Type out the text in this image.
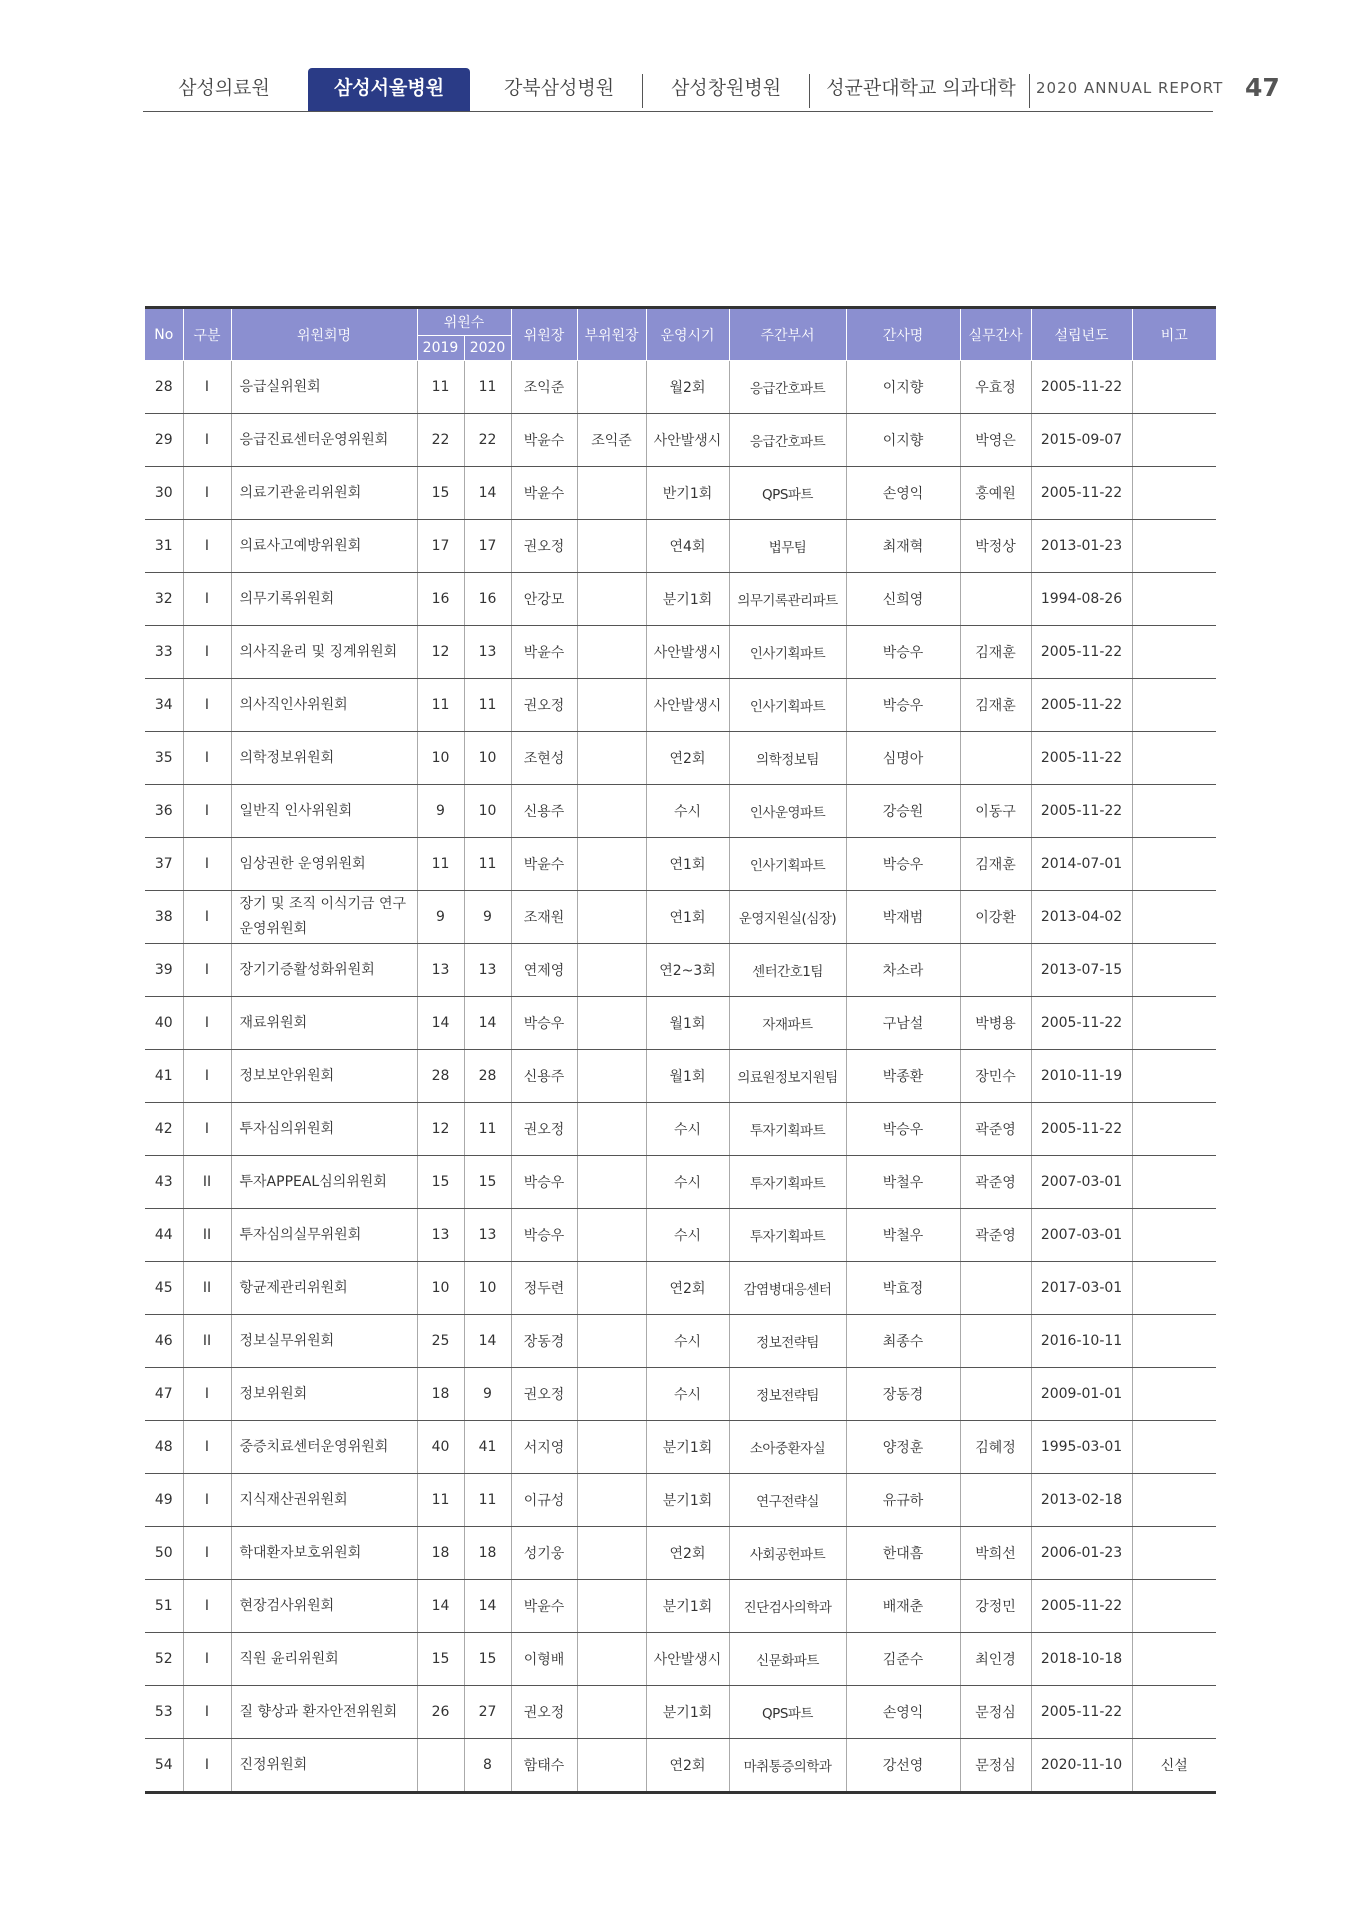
삼성의료원	삼성서울병원	강북삼성병원	삼성창원병원	성균관대학교 의과대학	2020 ANNUAL REPORT 47
No	구분	위원회명	위원수		위원장	부위원장	운영시기	주간부서	간사명	실무간사	설립년도	비고
			2019	2020								
28	I	응급실위원회	11	11	조익준		월2회	응급간호파트	이지향	우효정	2005-11-22	
29	I	응급진료센터운영위원회	22	22	박윤수	조익준	사안발생시	응급간호파트	이지향	박영은	2015-09-07	
30	I	의료기관윤리위원회	15	14	박윤수		반기1회	QPS파트	손영익	홍예원	2005-11-22	
31	I	의료사고예방위원회	17	17	권오정		연4회	법무팀	최재혁	박정상	2013-01-23	
32	I	의무기록위원회	16	16	안강모		분기1회	의무기록관리파트	신희영		1994-08-26	
33	I	의사직윤리 및 징계위원회	12	13	박윤수		사안발생시	인사기획파트	박승우	김재훈	2005-11-22	
34	I	의사직인사위원회	11	11	권오정		사안발생시	인사기획파트	박승우	김재훈	2005-11-22	
35	I	의학정보위원회	10	10	조현성		연2회	의학정보팀	심명아		2005-11-22	
36	I	일반직 인사위원회	9	10	신용주		수시	인사운영파트	강승원	이동구	2005-11-22	
37	I	임상권한 운영위원회	11	11	박윤수		연1회	인사기획파트	박승우	김재훈	2014-07-01	
38	I	장기 및 조직 이식기금 연구 운영위원회	9	9	조재원		연1회	운영지원실(심장)	박재범	이강환	2013-04-02	
39	I	장기기증활성화위원회	13	13	연제영		연2~3회	센터간호1팀	차소라		2013-07-15	
40	I	재료위원회	14	14	박승우		월1회	자재파트	구남설	박병용	2005-11-22	
41	I	정보보안위원회	28	28	신용주		월1회	의료원정보지원팀	박종환	장민수	2010-11-19	
42	I	투자심의위원회	12	11	권오정		수시	투자기획파트	박승우	곽준영	2005-11-22	
43	II	투자APPEAL심의위원회	15	15	박승우		수시	투자기획파트	박철우	곽준영	2007-03-01	
44	II	투자심의실무위원회	13	13	박승우		수시	투자기획파트	박철우	곽준영	2007-03-01	
45	II	항균제관리위원회	10	10	정두련		연2회	감염병대응센터	박효정		2017-03-01	
46	II	정보실무위원회	25	14	장동경		수시	정보전략팀	최종수		2016-10-11	
47	I	정보위원회	18	9	권오정		수시	정보전략팀	장동경		2009-01-01	
48	I	중증치료센터운영위원회	40	41	서지영		분기1회	소아중환자실	양정훈	김혜정	1995-03-01	
49	I	지식재산권위원회	11	11	이규성		분기1회	연구전략실	유규하		2013-02-18	
50	I	학대환자보호위원회	18	18	성기웅		연2회	사회공헌파트	한대흠	박희선	2006-01-23	
51	I	현장검사위원회	14	14	박윤수		분기1회	진단검사의학과	배재춘	강정민	2005-11-22	
52	I	직원 윤리위원회	15	15	이형배		사안발생시	신문화파트	김준수	최인경	2018-10-18	
53	I	질 향상과 환자안전위원회	26	27	권오정		분기1회	QPS파트	손영익	문정심	2005-11-22	
54	I	진정위원회		8	함태수		연2회	마취통증의학과	강선영	문정심	2020-11-10	신설
